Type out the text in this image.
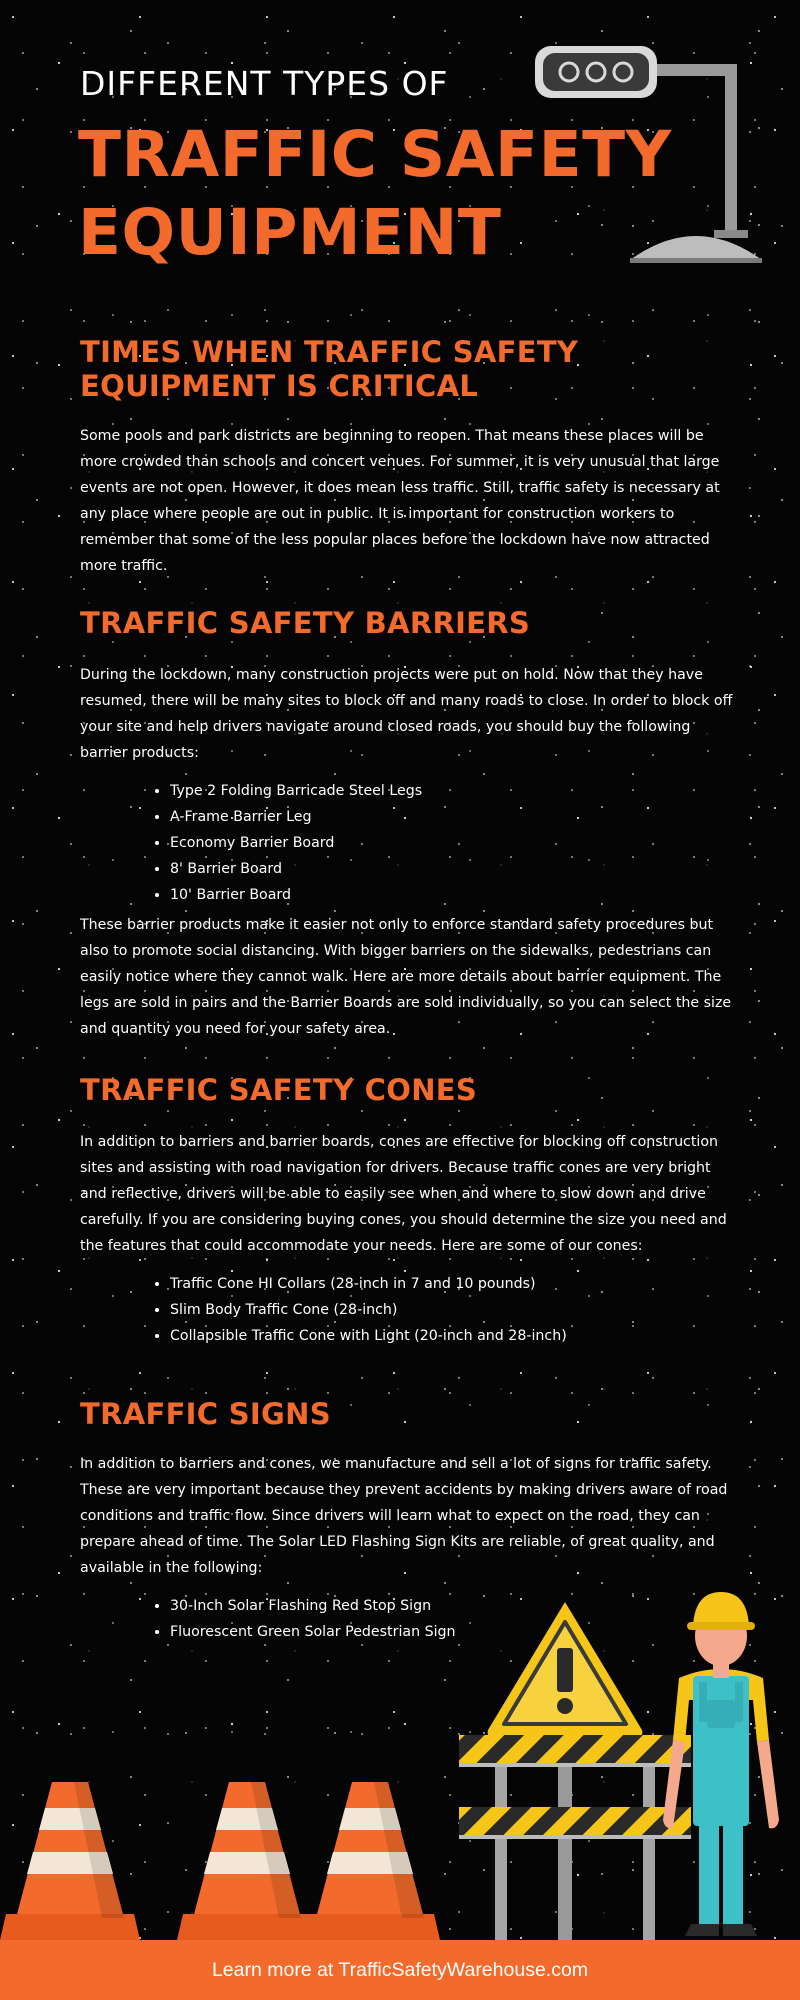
DIFFERENT TYPES OF
TRAFFIC SAFETY EQUIPMENT
TIMES WHEN TRAFFIC SAFETY EQUIPMENT IS CRITICAL

Some pools and park districts are beginning to reopen. That means these places will be more crowded than schools and concert venues. For summer, it is very unusual that large events are not open. However, it does mean less traffic. Still, traffic safety is necessary at any place where people are out in public. It is important for construction workers to remember that some of the less popular places before the lockdown have now attracted more traffic.

TRAFFIC SAFETY BARRIERS

During the lockdown, many construction projects were put on hold. Now that they have resumed, there will be many sites to block off and many roads to close. In order to block off your site and help drivers navigate around closed roads, you should buy the following barrier products:

• Type 2 Folding Barricade Steel Legs
• A-Frame Barrier Leg
• Economy Barrier Board
• 8' Barrier Board
• 10' Barrier Board

These barrier products make it easier not only to enforce standard safety procedures but also to promote social distancing. With bigger barriers on the sidewalks, pedestrians can easily notice where they cannot walk. Here are more details about barrier equipment. The legs are sold in pairs and the Barrier Boards are sold individually, so you can select the size and quantity you need for your safety area.

TRAFFIC SAFETY CONES

In addition to barriers and barrier boards, cones are effective for blocking off construction sites and assisting with road navigation for drivers. Because traffic cones are very bright and reflective, drivers will be able to easily see when and where to slow down and drive carefully. If you are considering buying cones, you should determine the size you need and the features that could accommodate your needs. Here are some of our cones:

• Traffic Cone HI Collars (28-inch in 7 and 10 pounds)
• Slim Body Traffic Cone (28-inch)
• Collapsible Traffic Cone with Light (20-inch and 28-inch)
TRAFFIC SIGNS

In addition to barriers and cones, we manufacture and sell a lot of signs for traffic safety. These are very important because they prevent accidents by making drivers aware of road conditions and traffic flow. Since drivers will learn what to expect on the road, they can prepare ahead of time. The Solar LED Flashing Sign Kits are reliable, of great quality, and available in the following:

• 30-Inch Solar Flashing Red Stop Sign
• Fluorescent Green Solar Pedestrian Sign
Learn more at TrafficSafetyWarehouse.com
